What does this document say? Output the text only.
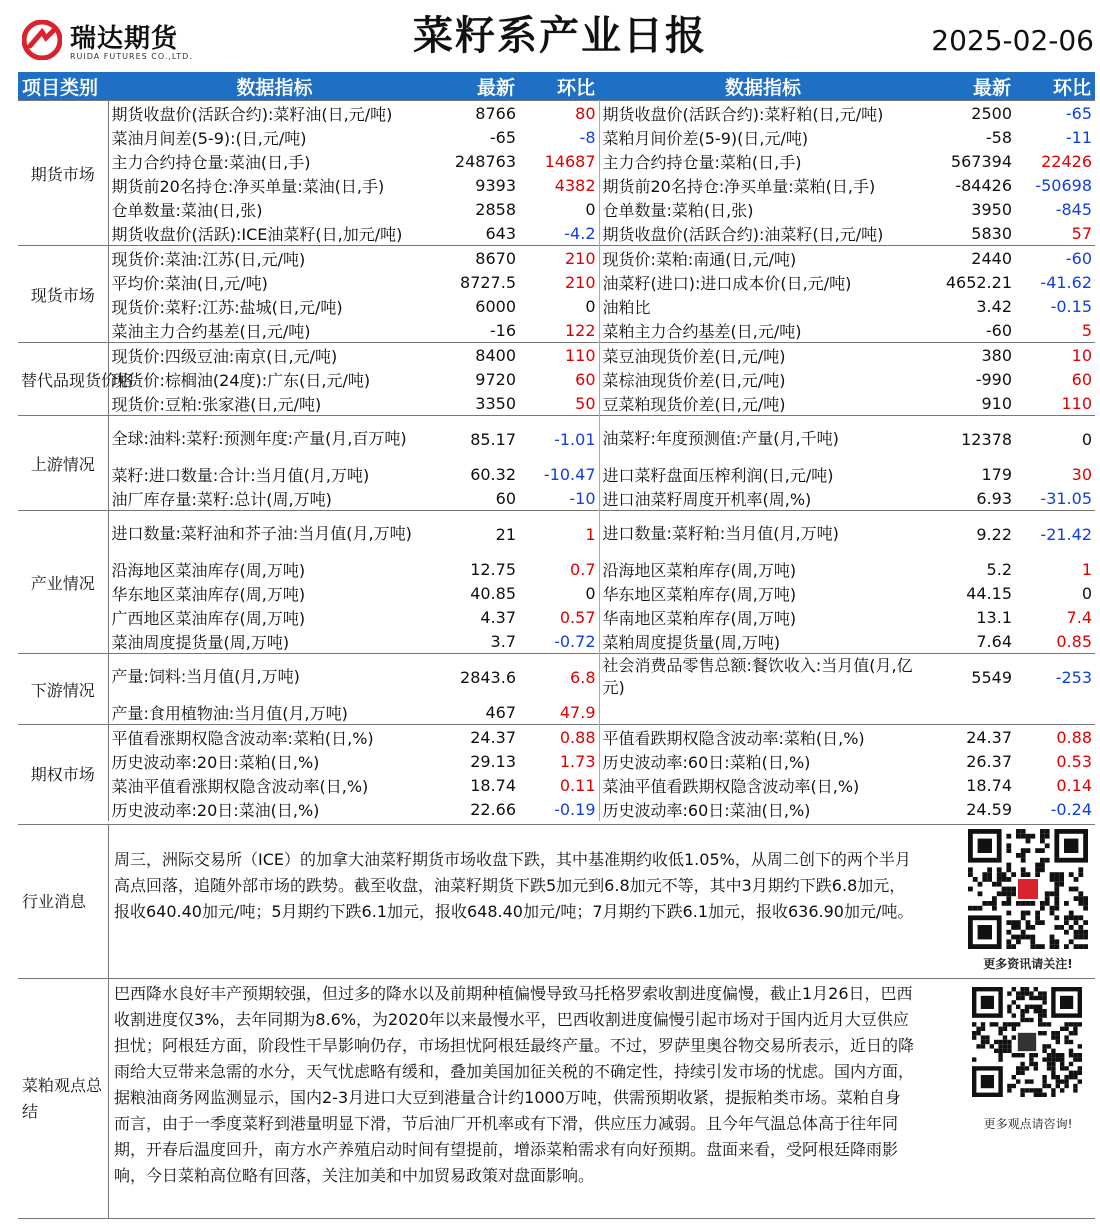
瑞达期货
RUIDA FUTURES CO.,LTD.	菜籽系产业日报	2025-02-06
项目类别	数据指标	最新	环比	数据指标	最新	环比
期货市场	期货收盘价(活跃合约):菜籽油(日,元/吨)	8766	80	期货收盘价(活跃合约):菜籽粕(日,元/吨)	2500	-65
	菜油月间差(5-9):(日,元/吨)	-65	-8	菜粕月间价差(5-9)(日,元/吨)	-58	-11
	主力合约持仓量:菜油(日,手)	248763	14687	主力合约持仓量:菜粕(日,手)	567394	22426
	期货前20名持仓:净买单量:菜油(日,手)	9393	4382	期货前20名持仓:净买单量:菜粕(日,手)	-84426	-50698
	仓单数量:菜油(日,张)	2858	0	仓单数量:菜粕(日,张)	3950	-845
	期货收盘价(活跃):ICE油菜籽(日,加元/吨)	643	-4.2	期货收盘价(活跃合约):油菜籽(日,元/吨)	5830	57
现货市场	现货价:菜油:江苏(日,元/吨)	8670	210	现货价:菜粕:南通(日,元/吨)	2440	-60
	平均价:菜油(日,元/吨)	8727.5	210	油菜籽(进口):进口成本价(日,元/吨)	4652.21	-41.62
	现货价:菜籽:江苏:盐城(日,元/吨)	6000	0	油粕比	3.42	-0.15
	菜油主力合约基差(日,元/吨)	-16	122	菜粕主力合约基差(日,元/吨)	-60	5
替代品现货价格	现货价:四级豆油:南京(日,元/吨)	8400	110	菜豆油现货价差(日,元/吨)	380	10
	现货价:棕榈油(24度):广东(日,元/吨)	9720	60	菜棕油现货价差(日,元/吨)	-990	60
	现货价:豆粕:张家港(日,元/吨)	3350	50	豆菜粕现货价差(日,元/吨)	910	110
上游情况	全球:油料:菜籽:预测年度:产量(月,百万吨)	85.17	-1.01	油菜籽:年度预测值:产量(月,千吨)	12378	0
	菜籽:进口数量:合计:当月值(月,万吨)	60.32	-10.47	进口菜籽盘面压榨利润(日,元/吨)	179	30
	油厂库存量:菜籽:总计(周,万吨)	60	-10	进口油菜籽周度开机率(周,%)	6.93	-31.05
产业情况	进口数量:菜籽油和芥子油:当月值(月,万吨)	21	1	进口数量:菜籽粕:当月值(月,万吨)	9.22	-21.42
	沿海地区菜油库存(周,万吨)	12.75	0.7	沿海地区菜粕库存(周,万吨)	5.2	1
	华东地区菜油库存(周,万吨)	40.85	0	华东地区菜粕库存(周,万吨)	44.15	0
	广西地区菜油库存(周,万吨)	4.37	0.57	华南地区菜粕库存(周,万吨)	13.1	7.4
	菜油周度提货量(周,万吨)	3.7	-0.72	菜粕周度提货量(周,万吨)	7.64	0.85
下游情况	产量:饲料:当月值(月,万吨)	2843.6	6.8	社会消费品零售总额:餐饮收入:当月值(月,亿元)	5549	-253
	产量:食用植物油:当月值(月,万吨)	467	47.9			
期权市场	平值看涨期权隐含波动率:菜粕(日,%)	24.37	0.88	平值看跌期权隐含波动率:菜粕(日,%)	24.37	0.88
	历史波动率:20日:菜粕(日,%)	29.13	1.73	历史波动率:60日:菜粕(日,%)	26.37	0.53
	菜油平值看涨期权隐含波动率(日,%)	18.74	0.11	菜油平值看跌期权隐含波动率(日,%)	18.74	0.14
	历史波动率:20日:菜油(日,%)	22.66	-0.19	历史波动率:60日:菜油(日,%)	24.59	-0.24
行业消息
周三，洲际交易所（ICE）的加拿大油菜籽期货市场收盘下跌，其中基准期约收低1.05%，从周二创下的两个半月高点回落，追随外部市场的跌势。截至收盘，油菜籽期货下跌5加元到6.8加元不等，其中3月期约下跌6.8加元，报收640.40加元/吨；5月期约下跌6.1加元，报收648.40加元/吨；7月期约下跌6.1加元，报收636.90加元/吨。
更多资讯请关注!
菜粕观点总结
巴西降水良好丰产预期较强，但过多的降水以及前期种植偏慢导致马托格罗索收割进度偏慢，截止1月26日，巴西收割进度仅3%，去年同期为8.6%，为2020年以来最慢水平，巴西收割进度偏慢引起市场对于国内近月大豆供应担忧；阿根廷方面，阶段性干旱影响仍存，市场担忧阿根廷最终产量。不过，罗萨里奥谷物交易所表示，近日的降雨给大豆带来急需的水分，天气忧虑略有缓和，叠加美国加征关税的不确定性，持续引发市场的忧虑。国内方面，据粮油商务网监测显示，国内2-3月进口大豆到港量合计约1000万吨，供需预期收紧，提振粕类市场。菜粕自身而言，由于一季度菜籽到港量明显下滑，节后油厂开机率或有下滑，供应压力减弱。且今年气温总体高于往年同期，开春后温度回升，南方水产养殖启动时间有望提前，增添菜粕需求有向好预期。盘面来看，受阿根廷降雨影响，今日菜粕高位略有回落，关注加美和中加贸易政策对盘面影响。
更多观点请咨询!
